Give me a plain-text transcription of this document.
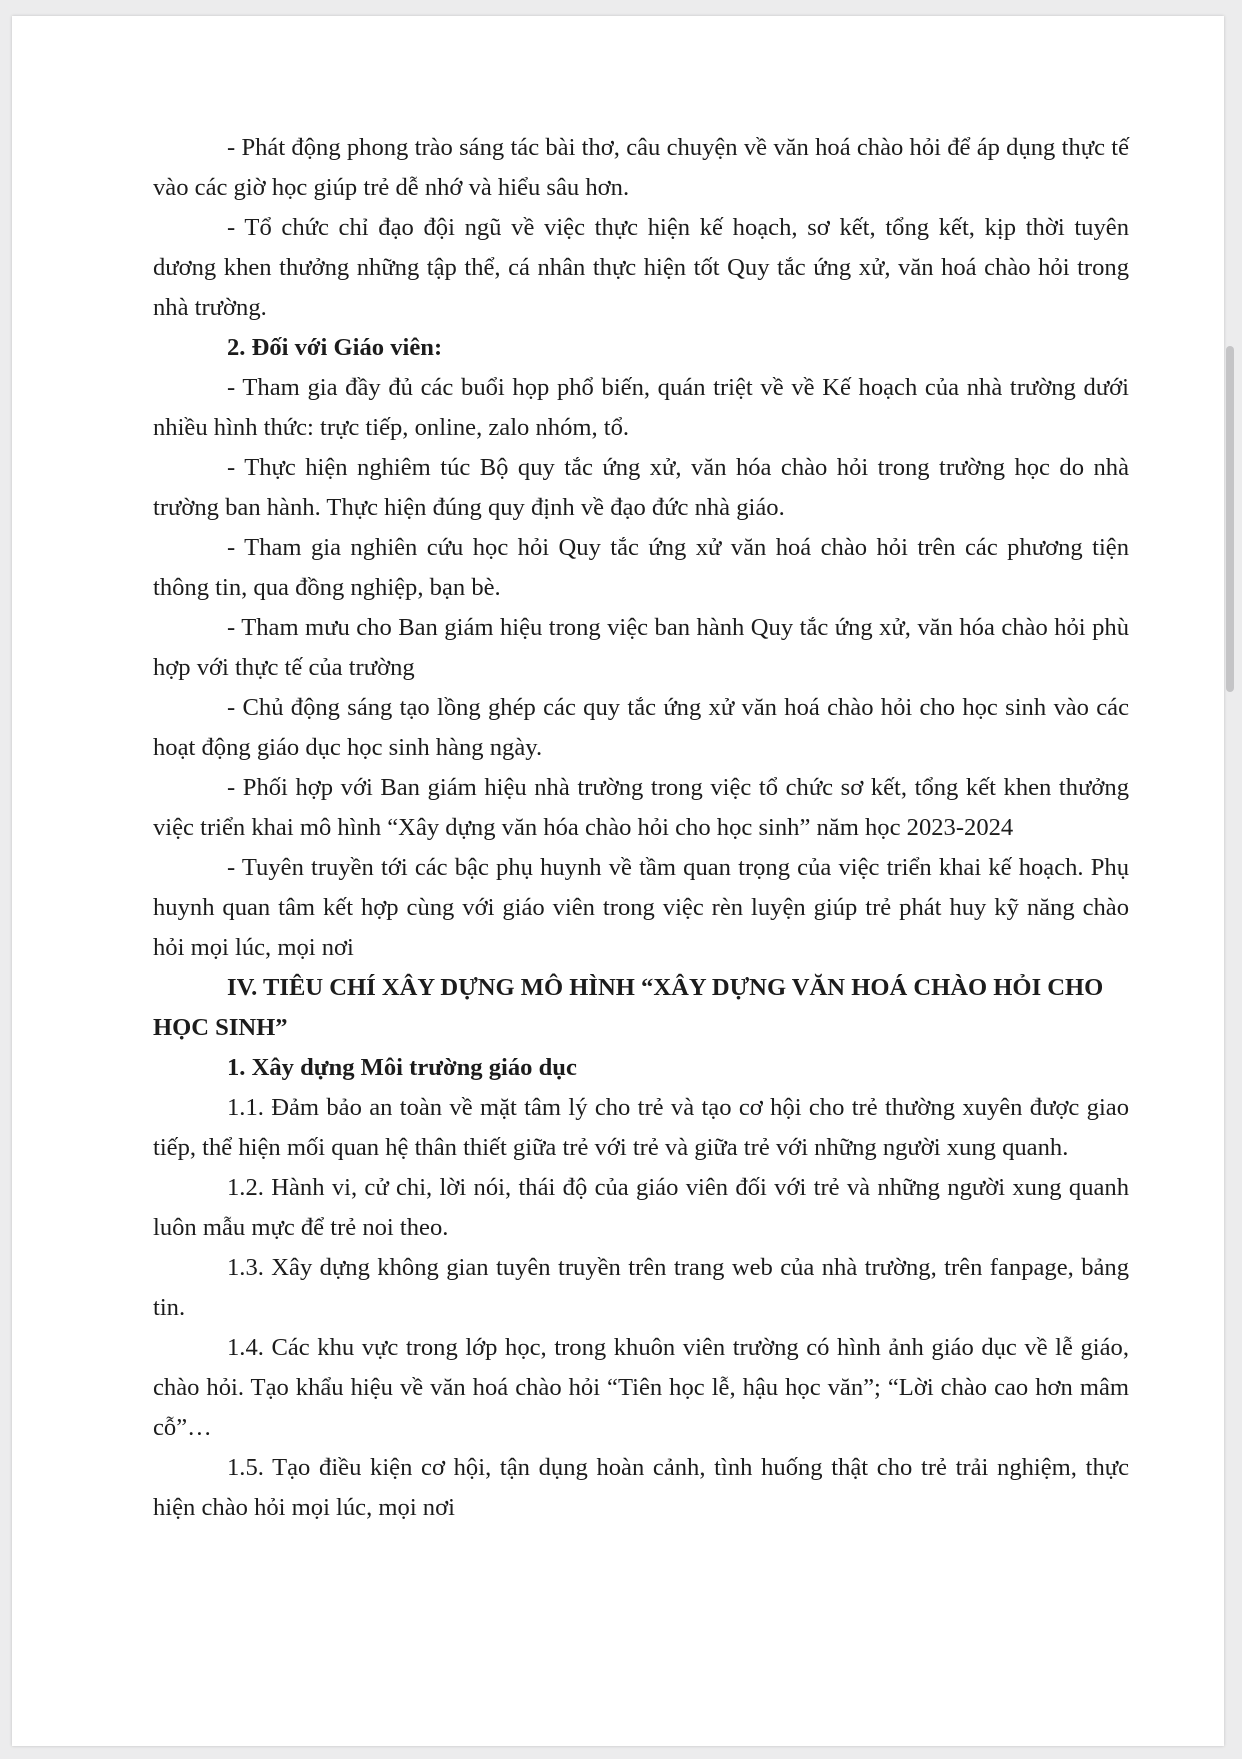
- Phát động phong trào sáng tác bài thơ, câu chuyện về văn hoá chào hỏi để áp dụng thực tế vào các giờ học giúp trẻ dễ nhớ và hiểu sâu hơn.

- Tổ chức chỉ đạo đội ngũ về việc thực hiện kế hoạch, sơ kết, tổng kết, kịp thời tuyên dương khen thưởng những tập thể, cá nhân thực hiện tốt Quy tắc ứng xử, văn hoá chào hỏi trong nhà trường.

2. Đối với Giáo viên:

- Tham gia đầy đủ các buổi họp phổ biến, quán triệt về về Kế hoạch của nhà trường dưới nhiều hình thức: trực tiếp, online, zalo nhóm, tổ.

- Thực hiện nghiêm túc Bộ quy tắc ứng xử, văn hóa chào hỏi trong trường học do nhà trường ban hành. Thực hiện đúng quy định về đạo đức nhà giáo.

- Tham gia nghiên cứu học hỏi Quy tắc ứng xử văn hoá chào hỏi trên các phương tiện thông tin, qua đồng nghiệp, bạn bè.

- Tham mưu cho Ban giám hiệu trong việc ban hành Quy tắc ứng xử, văn hóa chào hỏi phù hợp với thực tế của trường

- Chủ động sáng tạo lồng ghép các quy tắc ứng xử văn hoá chào hỏi cho học sinh vào các hoạt động giáo dục học sinh hàng ngày.

- Phối hợp với Ban giám hiệu nhà trường trong việc tổ chức sơ kết, tổng kết khen thưởng việc triển khai mô hình “Xây dựng văn hóa chào hỏi cho học sinh” năm học 2023-2024

- Tuyên truyền tới các bậc phụ huynh về tầm quan trọng của việc triển khai kế hoạch. Phụ huynh quan tâm kết hợp cùng với giáo viên trong việc rèn luyện giúp trẻ phát huy kỹ năng chào hỏi mọi lúc, mọi nơi

IV. TIÊU CHÍ XÂY DỰNG MÔ HÌNH “XÂY DỰNG VĂN HOÁ CHÀO HỎI CHO HỌC SINH”

1. Xây dựng Môi trường giáo dục

1.1. Đảm bảo an toàn về mặt tâm lý cho trẻ và tạo cơ hội cho trẻ thường xuyên được giao tiếp, thể hiện mối quan hệ thân thiết giữa trẻ với trẻ và giữa trẻ với những người xung quanh.

1.2. Hành vi, cử chi, lời nói, thái độ của giáo viên đối với trẻ và những người xung quanh luôn mẫu mực để trẻ noi theo.

1.3. Xây dựng không gian tuyên truyền trên trang web của nhà trường, trên fanpage, bảng tin.

1.4. Các khu vực trong lớp học, trong khuôn viên trường có hình ảnh giáo dục về lễ giáo, chào hỏi. Tạo khẩu hiệu về văn hoá chào hỏi “Tiên học lễ, hậu học văn”; “Lời chào cao hơn mâm cỗ”…

1.5. Tạo điều kiện cơ hội, tận dụng hoàn cảnh, tình huống thật cho trẻ trải nghiệm, thực hiện chào hỏi mọi lúc, mọi nơi
